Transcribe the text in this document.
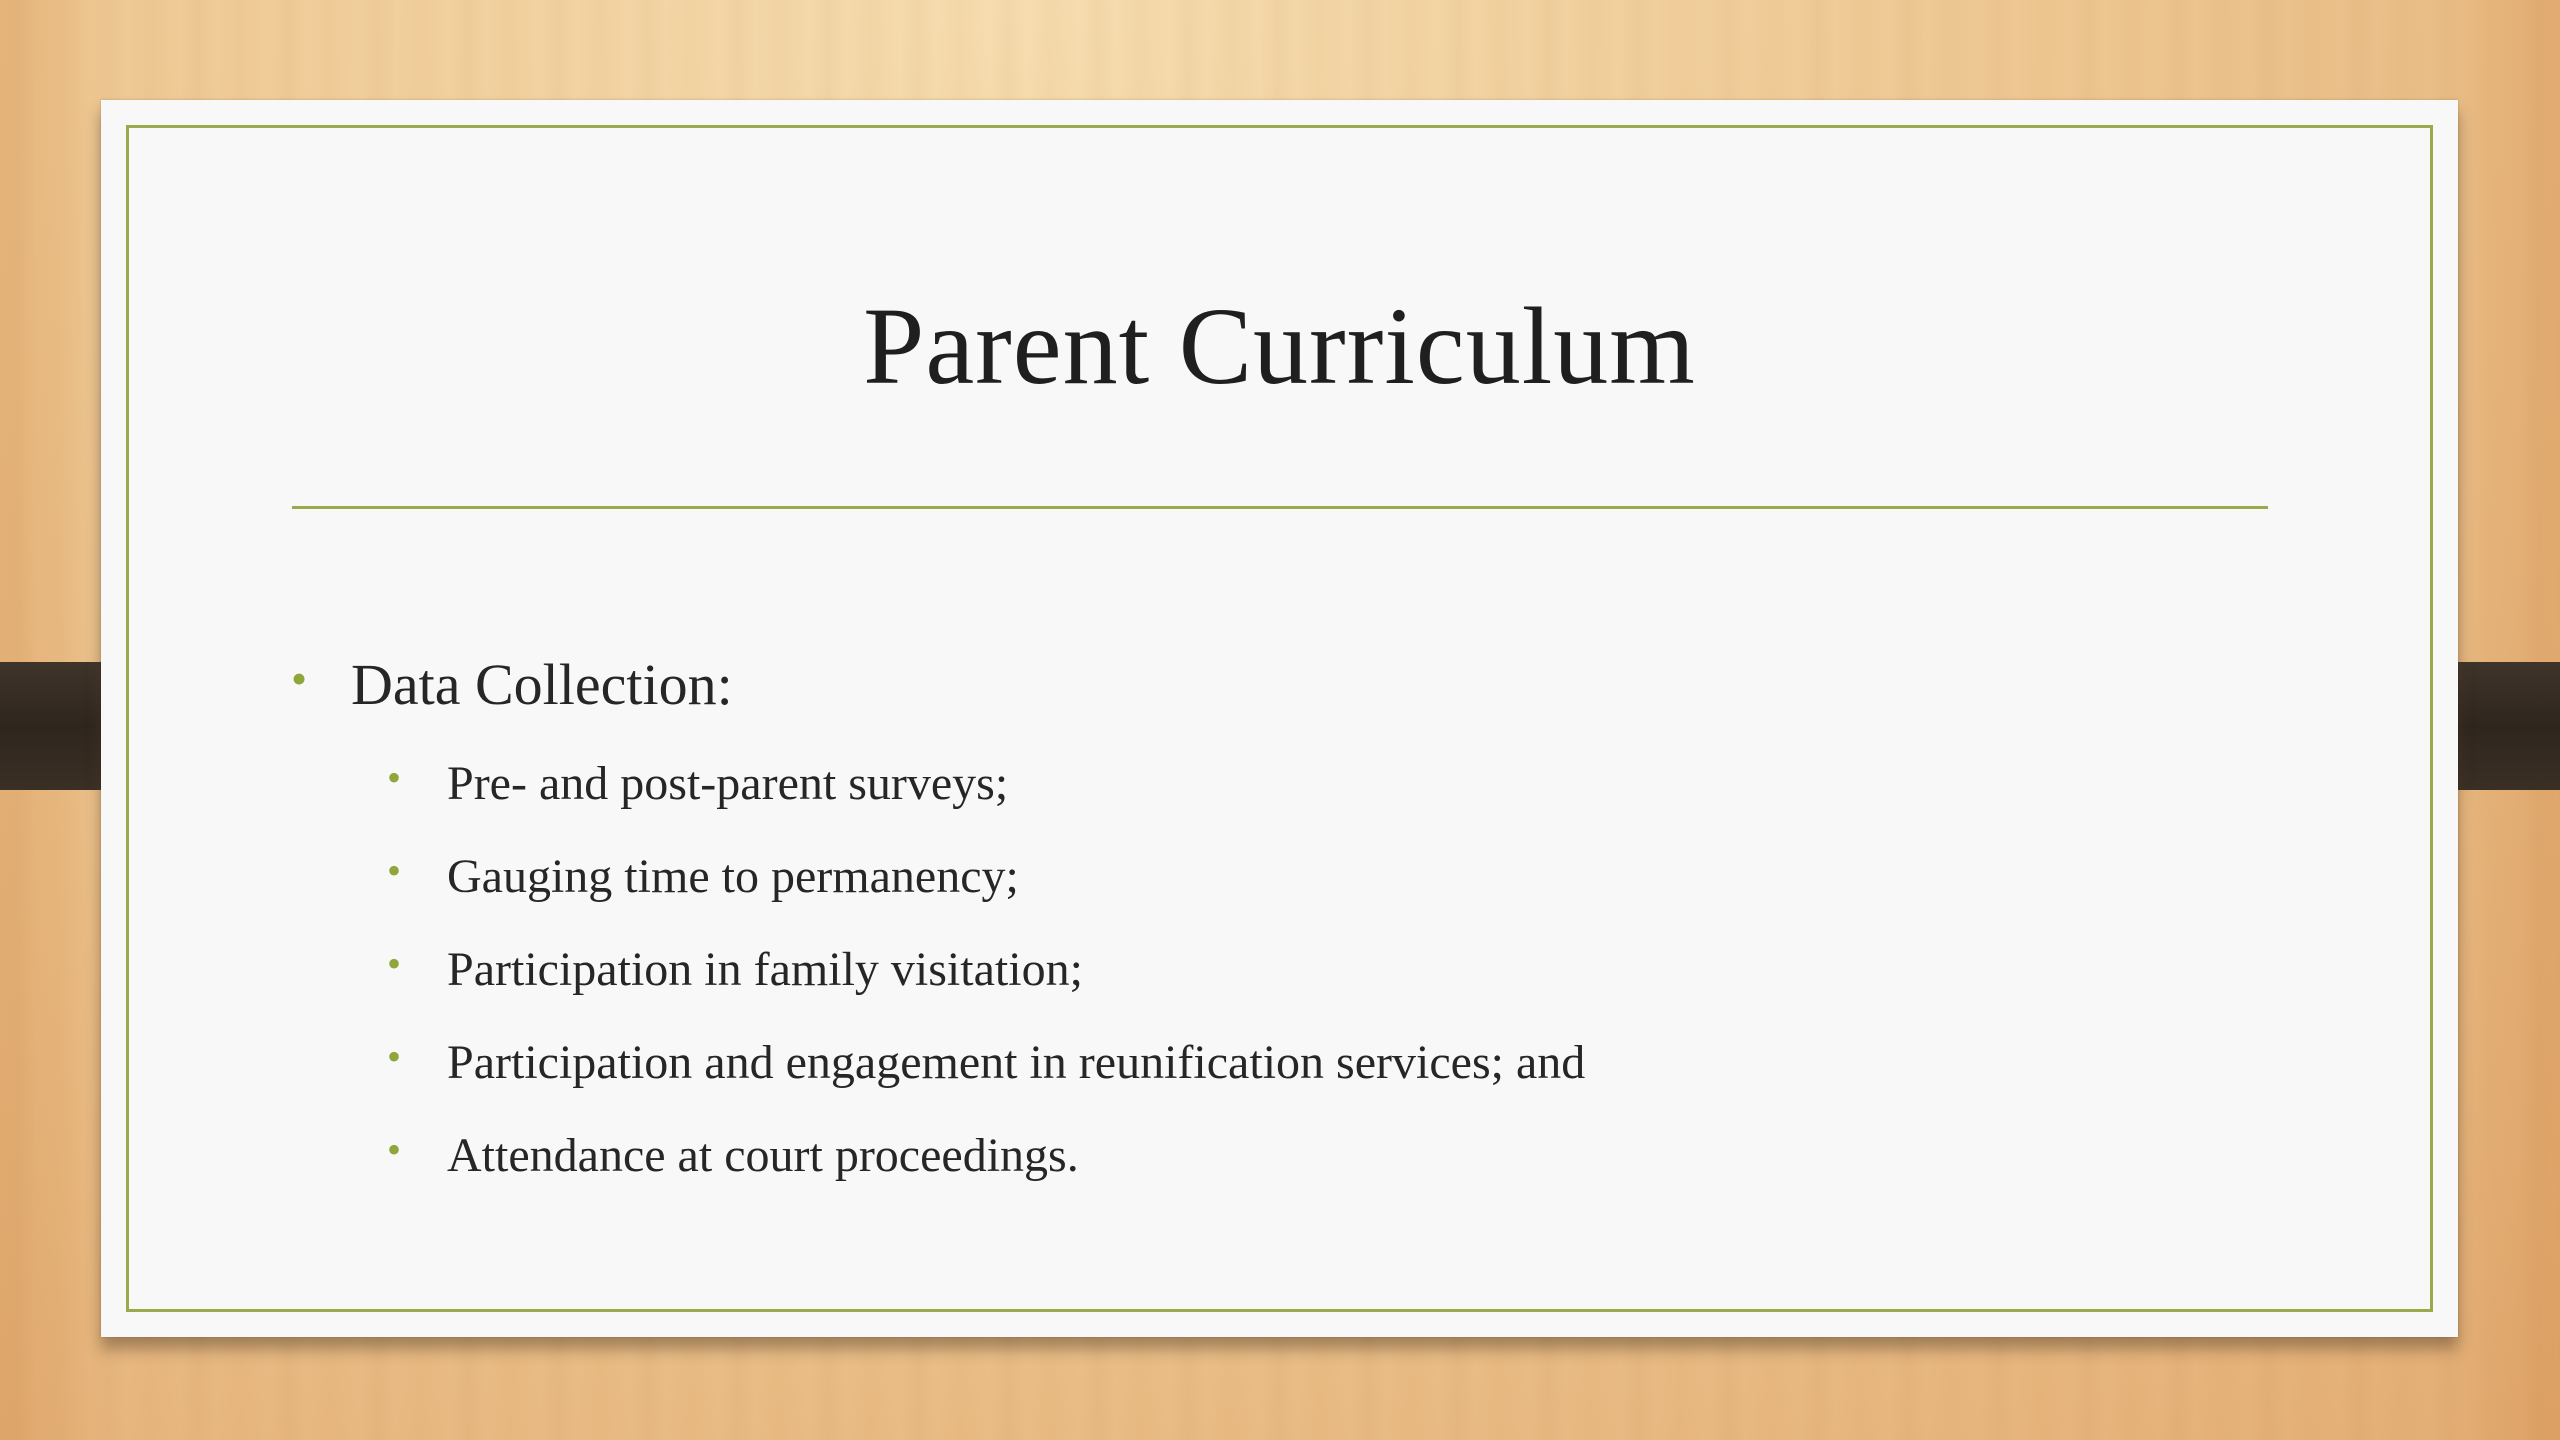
Parent Curriculum
• Data Collection:
• Pre- and post-parent surveys;
• Gauging time to permanency;
• Participation in family visitation;
• Participation and engagement in reunification services; and
• Attendance at court proceedings.
